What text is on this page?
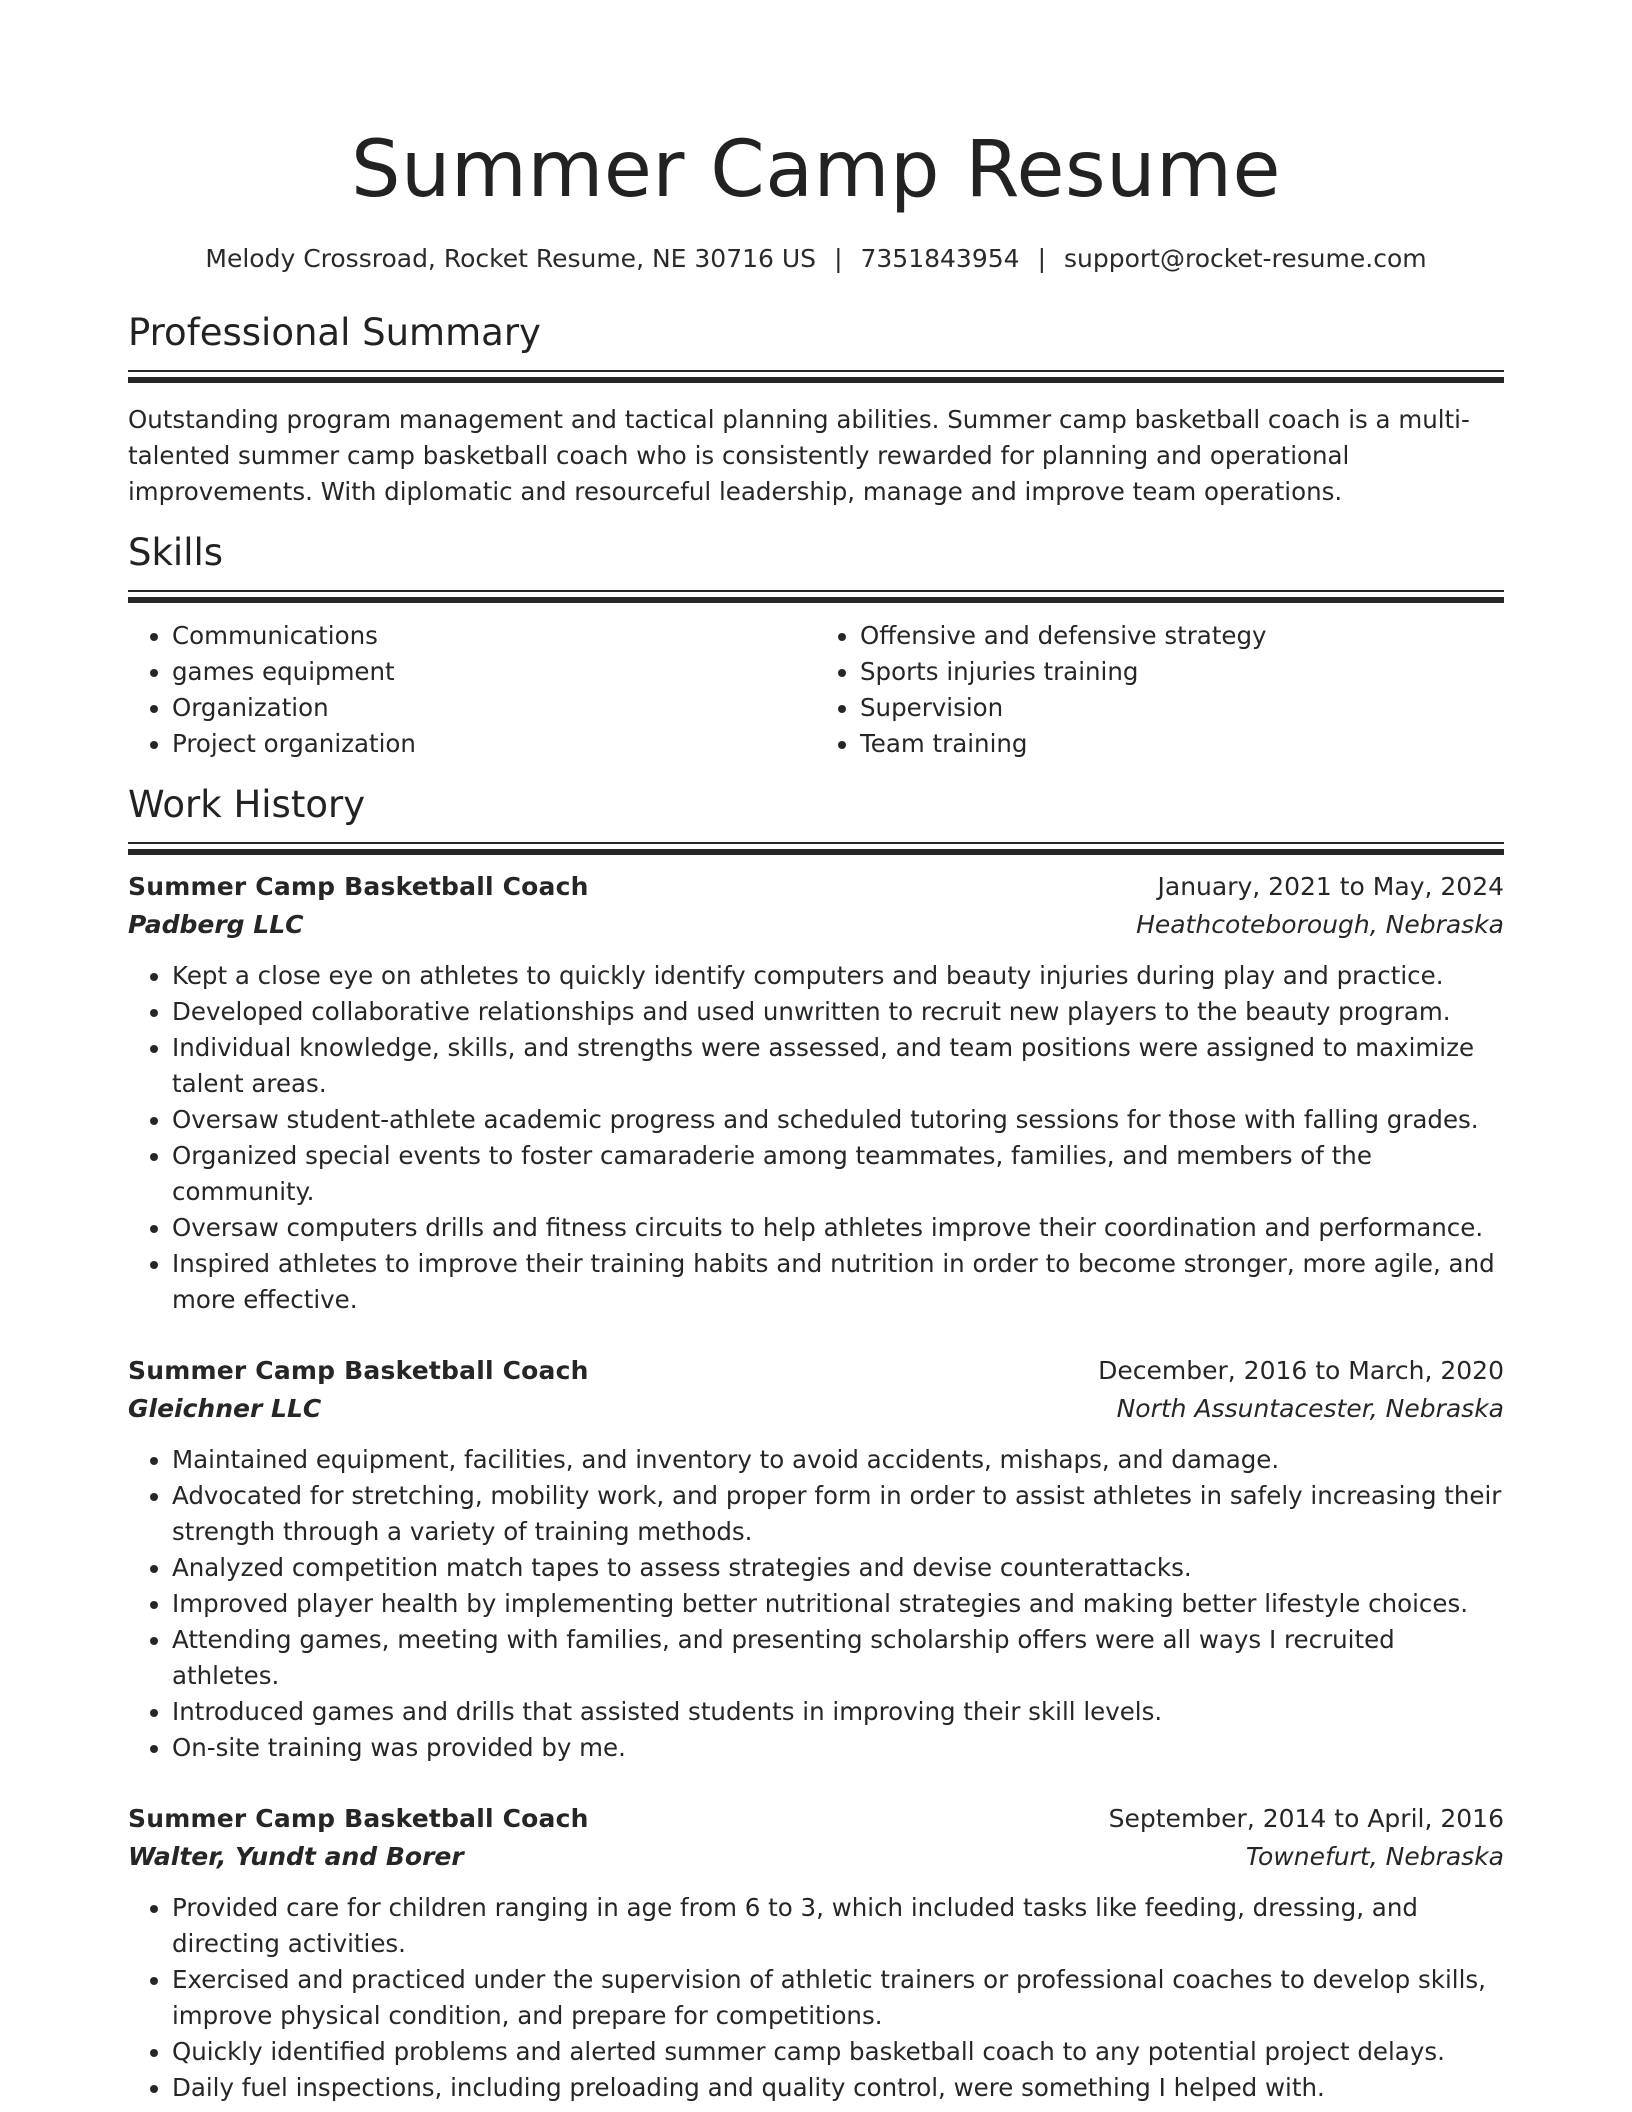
Summer Camp Resume
Melody Crossroad, Rocket Resume, NE 30716 US | 7351843954 | support@rocket-resume.com
Professional Summary

Outstanding program management and tactical planning abilities. Summer camp basketball coach is a multi-talented summer camp basketball coach who is consistently rewarded for planning and operational improvements. With diplomatic and resourceful leadership, manage and improve team operations.

Skills
• Communications
• games equipment
• Organization
• Project organization
• Offensive and defensive strategy
• Sports injuries training
• Supervision
• Team training
Work History
Summer Camp Basketball Coach	January, 2021 to May, 2024
Padberg LLC	Heathcoteborough, Nebraska
• Kept a close eye on athletes to quickly identify computers and beauty injuries during play and practice.
• Developed collaborative relationships and used unwritten to recruit new players to the beauty program.
• Individual knowledge, skills, and strengths were assessed, and team positions were assigned to maximize talent areas.
• Oversaw student-athlete academic progress and scheduled tutoring sessions for those with falling grades.
• Organized special events to foster camaraderie among teammates, families, and members of the community.
• Oversaw computers drills and fitness circuits to help athletes improve their coordination and performance.
• Inspired athletes to improve their training habits and nutrition in order to become stronger, more agile, and more effective.
Summer Camp Basketball Coach	December, 2016 to March, 2020
Gleichner LLC	North Assuntacester, Nebraska
• Maintained equipment, facilities, and inventory to avoid accidents, mishaps, and damage.
• Advocated for stretching, mobility work, and proper form in order to assist athletes in safely increasing their strength through a variety of training methods.
• Analyzed competition match tapes to assess strategies and devise counterattacks.
• Improved player health by implementing better nutritional strategies and making better lifestyle choices.
• Attending games, meeting with families, and presenting scholarship offers were all ways I recruited athletes.
• Introduced games and drills that assisted students in improving their skill levels.
• On-site training was provided by me.
Summer Camp Basketball Coach	September, 2014 to April, 2016
Walter, Yundt and Borer	Townefurt, Nebraska
• Provided care for children ranging in age from 6 to 3, which included tasks like feeding, dressing, and directing activities.
• Exercised and practiced under the supervision of athletic trainers or professional coaches to develop skills, improve physical condition, and prepare for competitions.
• Quickly identified problems and alerted summer camp basketball coach to any potential project delays.
• Daily fuel inspections, including preloading and quality control, were something I helped with.
